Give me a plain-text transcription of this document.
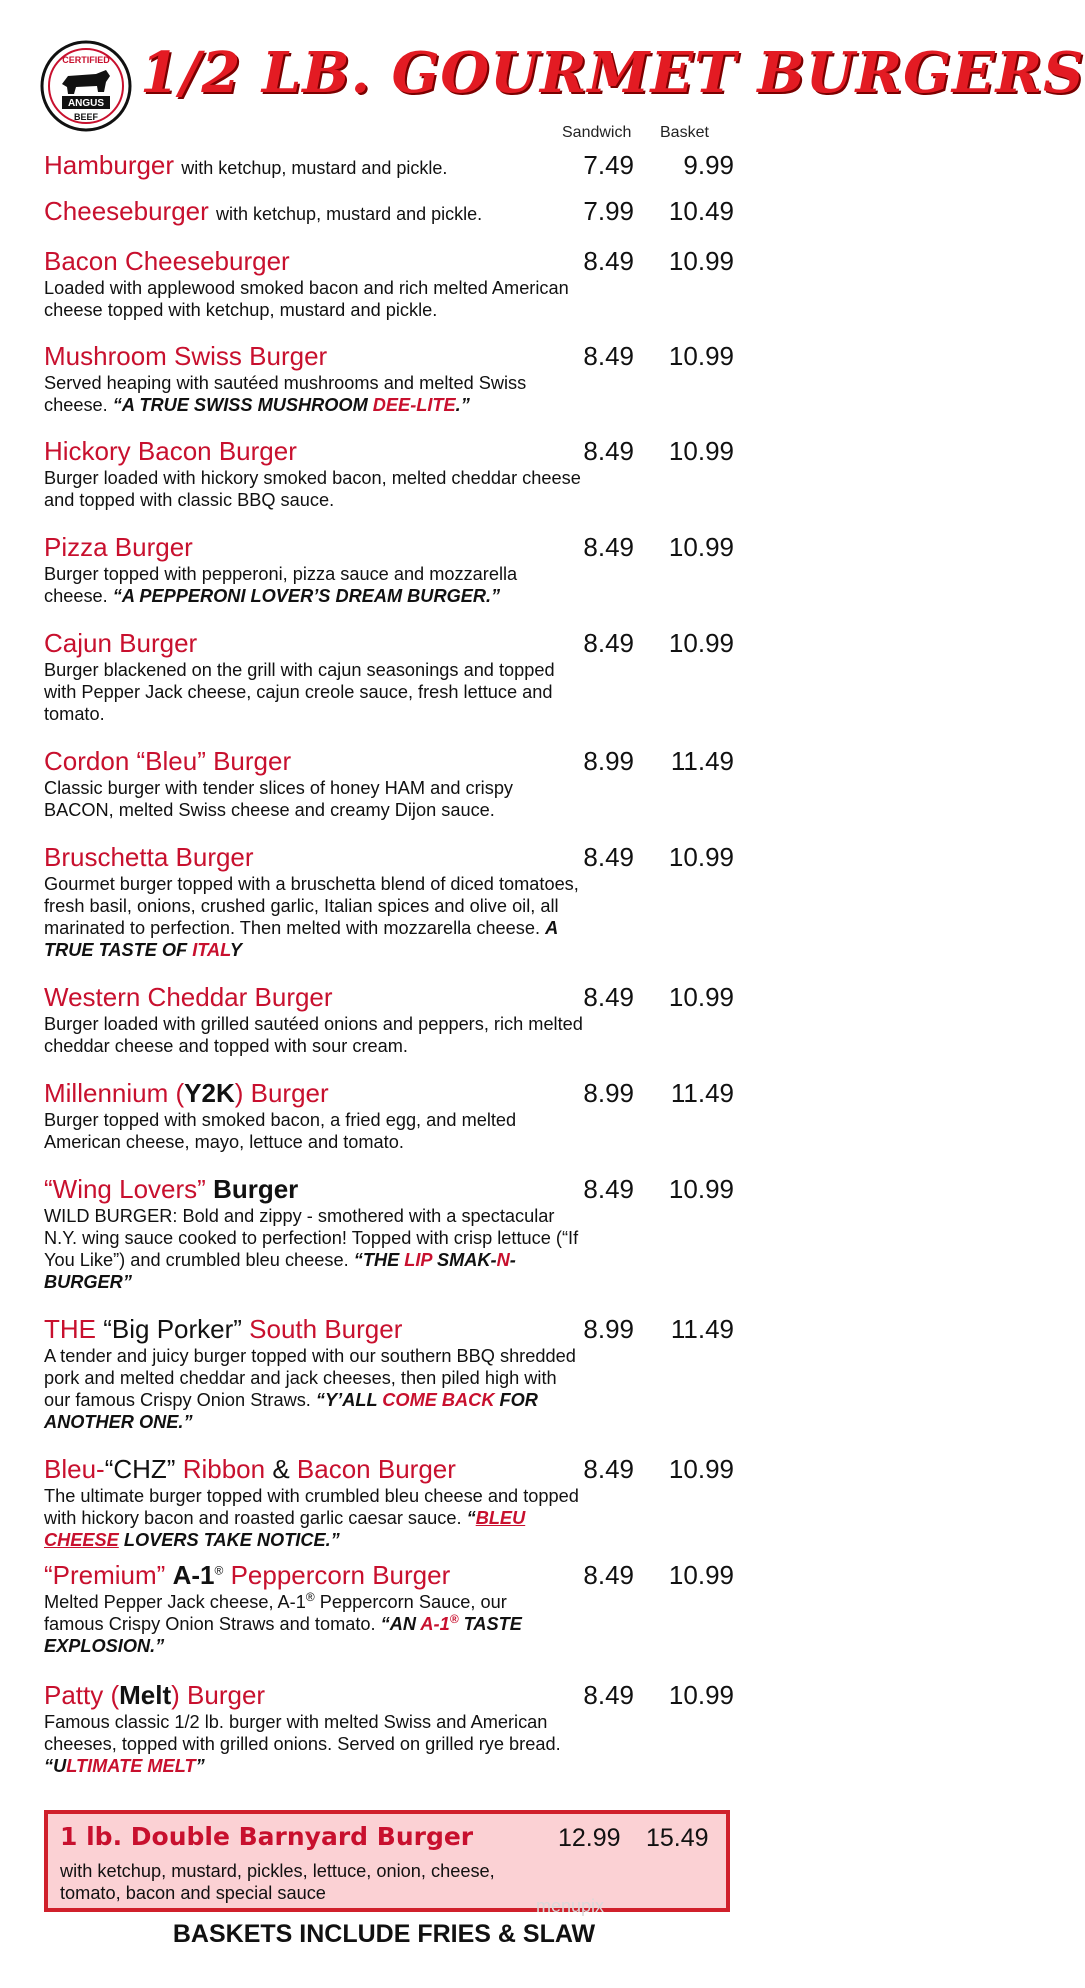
CERTIFIED
ANGUS
BEEF
1/2 LB. GOURMET BURGERS
Sandwich Basket
Hamburger with ketchup, mustard and pickle.	7.49	9.99
Cheeseburger with ketchup, mustard and pickle.	7.99	10.49
Bacon Cheeseburger
Loaded with applewood smoked bacon and rich melted American cheese topped with ketchup, mustard and pickle.
8.49	10.99
Mushroom Swiss Burger
Served heaping with sautéed mushrooms and melted Swiss cheese. “A TRUE SWISS MUSHROOM DEE-LITE.”
8.49	10.99
Hickory Bacon Burger
Burger loaded with hickory smoked bacon, melted cheddar cheese and topped with classic BBQ sauce.
8.49	10.99
Pizza Burger
Burger topped with pepperoni, pizza sauce and mozzarella cheese. “A PEPPERONI LOVER’S DREAM BURGER.”
8.49	10.99
Cajun Burger
Burger blackened on the grill with cajun seasonings and topped with Pepper Jack cheese, cajun creole sauce, fresh lettuce and tomato.
8.49	10.99
Cordon “Bleu” Burger
Classic burger with tender slices of honey HAM and crispy BACON, melted Swiss cheese and creamy Dijon sauce.
8.99	11.49
Bruschetta Burger
Gourmet burger topped with a bruschetta blend of diced tomatoes, fresh basil, onions, crushed garlic, Italian spices and olive oil, all marinated to perfection. Then melted with mozzarella cheese. A TRUE TASTE OF ITALY
8.49	10.99
Western Cheddar Burger
Burger loaded with grilled sautéed onions and peppers, rich melted cheddar cheese and topped with sour cream.
8.49	10.99
Millennium (Y2K) Burger
Burger topped with smoked bacon, a fried egg, and melted American cheese, mayo, lettuce and tomato.
8.99	11.49
“Wing Lovers” Burger
WILD BURGER: Bold and zippy - smothered with a spectacular N.Y. wing sauce cooked to perfection! Topped with crisp lettuce (“If You Like”) and crumbled bleu cheese. “THE LIP SMAK-N-BURGER”
8.49	10.99
THE “Big Porker” South Burger
A tender and juicy burger topped with our southern BBQ shredded pork and melted cheddar and jack cheeses, then piled high with our famous Crispy Onion Straws. “Y’ALL COME BACK FOR ANOTHER ONE.”
8.99	11.49
Bleu-“CHZ” Ribbon & Bacon Burger
The ultimate burger topped with crumbled bleu cheese and topped with hickory bacon and roasted garlic caesar sauce. “BLEU CHEESE LOVERS TAKE NOTICE.”
8.49	10.99
“Premium” A-1® Peppercorn Burger
Melted Pepper Jack cheese, A-1® Peppercorn Sauce, our famous Crispy Onion Straws and tomato. “AN A-1® TASTE EXPLOSION.”
8.49	10.99
Patty (Melt) Burger
Famous classic 1/2 lb. burger with melted Swiss and American cheeses, topped with grilled onions. Served on grilled rye bread. “ULTIMATE MELT”
8.49	10.99
1 lb. Double Barnyard Burger
with ketchup, mustard, pickles, lettuce, onion, cheese, tomato, bacon and special sauce
12.99 15.49
menupix
BASKETS INCLUDE FRIES & SLAW
